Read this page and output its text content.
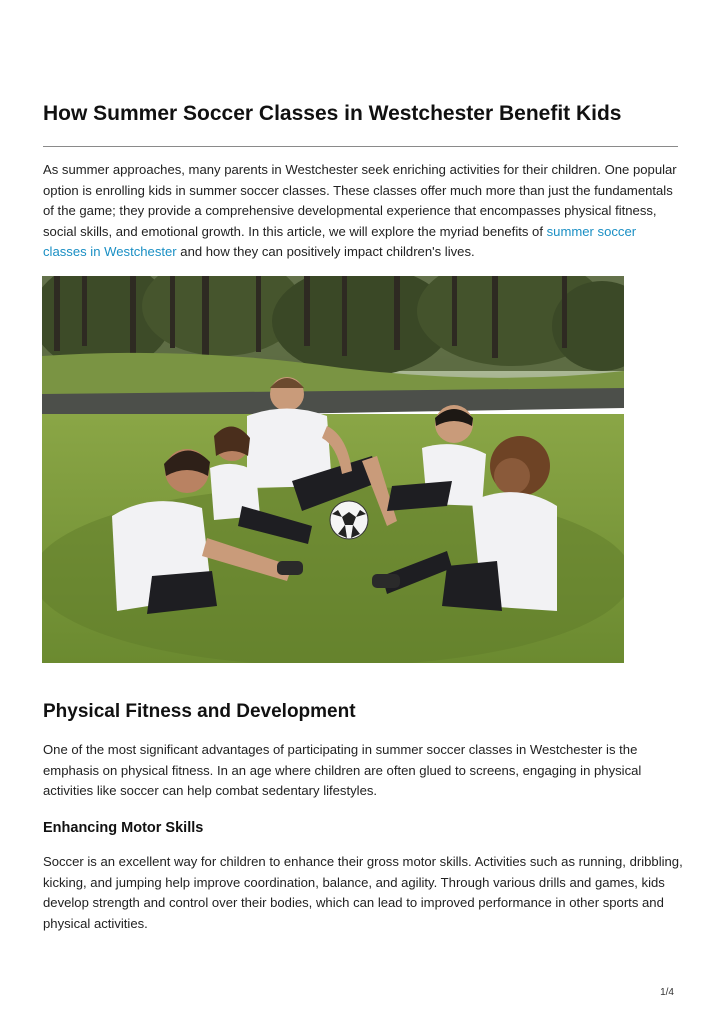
How Summer Soccer Classes in Westchester Benefit Kids

As summer approaches, many parents in Westchester seek enriching activities for their children. One popular option is enrolling kids in summer soccer classes. These classes offer much more than just the fundamentals of the game; they provide a comprehensive developmental experience that encompasses physical fitness, social skills, and emotional growth. In this article, we will explore the myriad benefits of summer soccer classes in Westchester and how they can positively impact children's lives.

Physical Fitness and Development

One of the most significant advantages of participating in summer soccer classes in Westchester is the emphasis on physical fitness. In an age where children are often glued to screens, engaging in physical activities like soccer can help combat sedentary lifestyles.

Enhancing Motor Skills

Soccer is an excellent way for children to enhance their gross motor skills. Activities such as running, dribbling, kicking, and jumping help improve coordination, balance, and agility. Through various drills and games, kids develop strength and control over their bodies, which can lead to improved performance in other sports and physical activities.

1/4
